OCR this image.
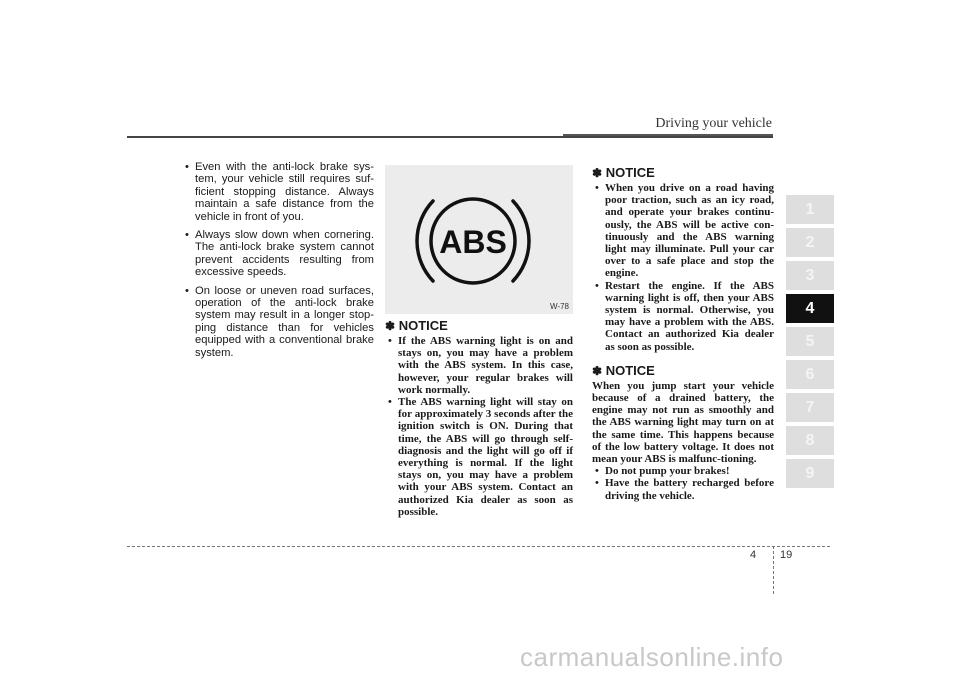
Driving your vehicle
1
2
3
4
5
6
7
8
9
• Even with the anti-lock brake sys-tem, your vehicle still requires suf-ficient stopping distance. Always maintain a safe distance from the vehicle in front of you.
• Always slow down when cornering. The anti-lock brake system cannot prevent accidents resulting from excessive speeds.
• On loose or uneven road surfaces, operation of the anti-lock brake system may result in a longer stop-ping distance than for vehicles equipped with a conventional brake system.
ABS
W-78
✽ NOTICE
• If the ABS warning light is on and stays on, you may have a problem with the ABS system. In this case, however, your regular brakes will work normally.
• The ABS warning light will stay on for approximately 3 seconds after the ignition switch is ON. During that time, the ABS will go through self-diagnosis and the light will go off if everything is normal. If the light stays on, you may have a problem with your ABS system. Contact an authorized Kia dealer as soon as possible.
✽ NOTICE
• When you drive on a road having poor traction, such as an icy road, and operate your brakes continu-ously, the ABS will be active con-tinuously and the ABS warning light may illuminate. Pull your car over to a safe place and stop the engine.
• Restart the engine. If the ABS warning light is off, then your ABS system is normal. Otherwise, you may have a problem with the ABS. Contact an authorized Kia dealer as soon as possible.
✽ NOTICE
When you jump start your vehicle because of a drained battery, the engine may not run as smoothly and the ABS warning light may turn on at the same time. This happens because of the low battery voltage. It does not mean your ABS is malfunc-tioning.
• Do not pump your brakes!
• Have the battery recharged before driving the vehicle.
4 19
carmanualsonline.info
